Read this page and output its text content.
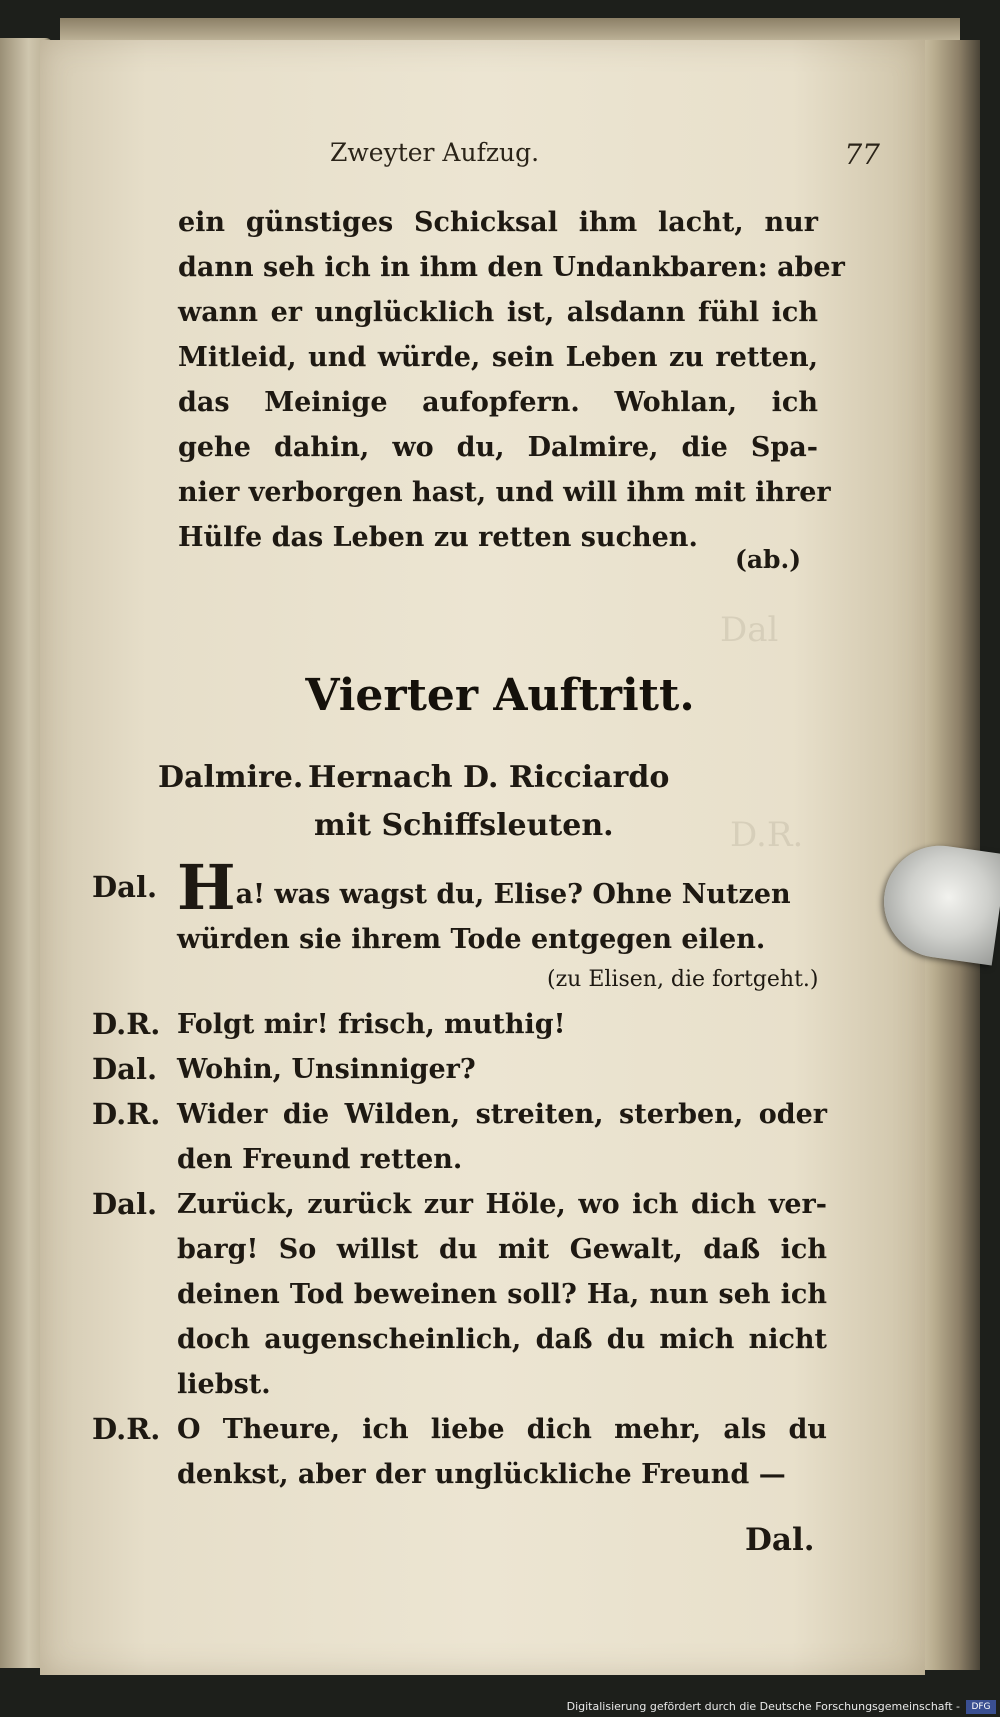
Dal
D.R.
Zweyter Aufzug.	77
ein günstiges Schicksal ihm lacht, nur
dann seh ich in ihm den Undankbaren: aber
wann er unglücklich ist, alsdann fühl ich
Mitleid, und würde, sein Leben zu retten,
das Meinige aufopfern. Wohlan, ich
gehe dahin, wo du, Dalmire, die Spa-
nier verborgen hast, und will ihm mit ihrer
Hülfe das Leben zu retten suchen.
(ab.)
Vierter Auftritt.
Dalmire. Hernach D. Ricciardo
mit Schiffsleuten.
Dal. Ha! was wagst du, Elise? Ohne Nutzen
würden sie ihrem Tode entgegen eilen.
(zu Elisen, die fortgeht.)
D.R. Folgt mir! frisch, muthig!
Dal. Wohin, Unsinniger?
D.R. Wider die Wilden, streiten, sterben, oder
den Freund retten.
Dal. Zurück, zurück zur Höle, wo ich dich ver-
barg! So willst du mit Gewalt, daß ich
deinen Tod beweinen soll? Ha, nun seh ich
doch augenscheinlich, daß du mich nicht
liebst.
D.R. O Theure, ich liebe dich mehr, als du
denkst, aber der unglückliche Freund —
Dal.
Digitalisierung gefördert durch die Deutsche Forschungsgemeinschaft -	DFG
